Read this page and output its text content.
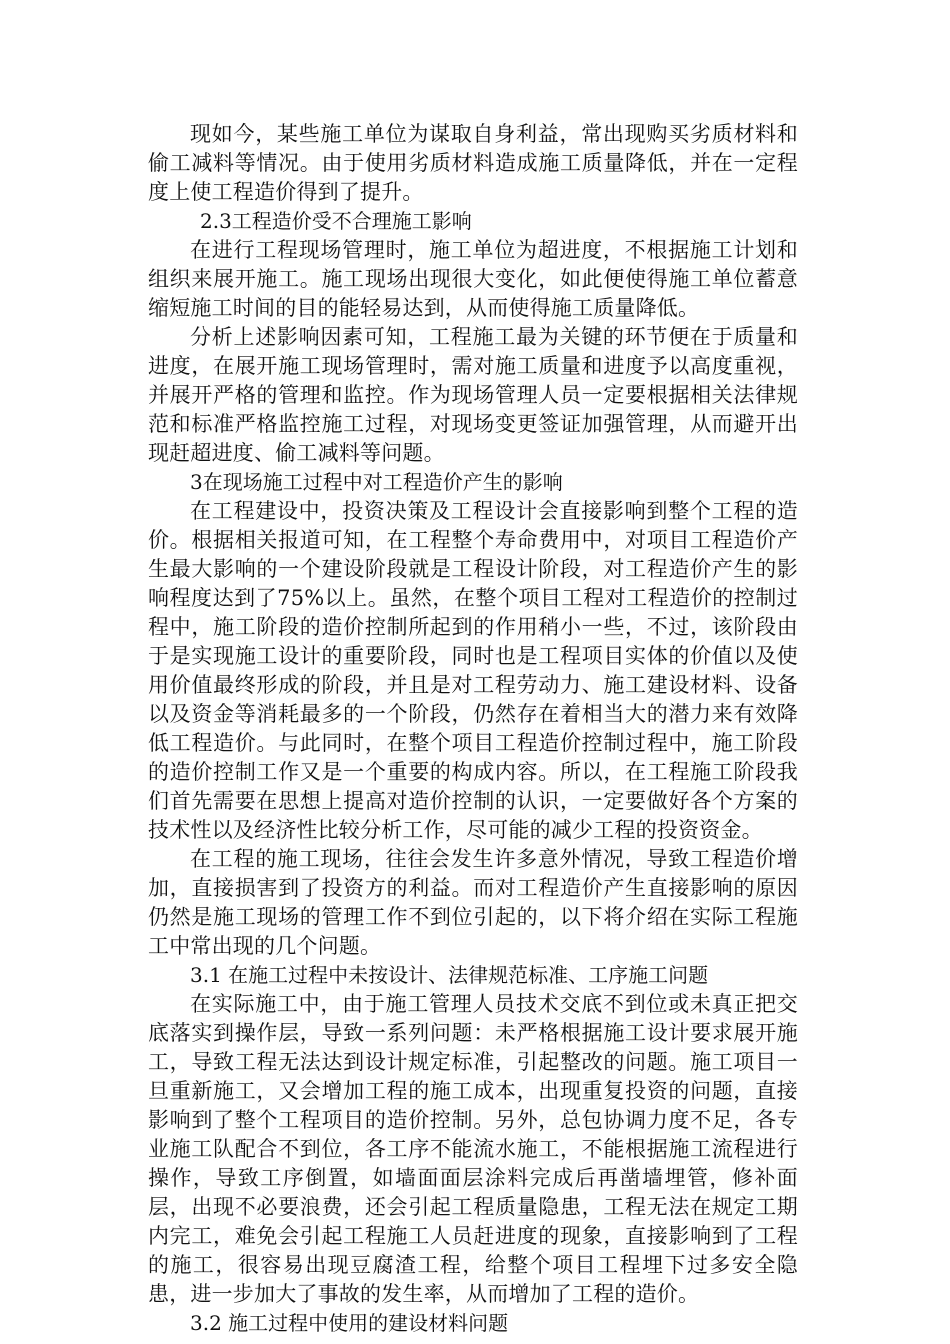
现如今，某些施工单位为谋取自身利益，常出现购买劣质材料和偷工减料等情况。由于使用劣质材料造成施工质量降低，并在一定程度上使工程造价得到了提升。

2.3工程造价受不合理施工影响

在进行工程现场管理时，施工单位为超进度，不根据施工计划和组织来展开施工。施工现场出现很大变化，如此便使得施工单位蓄意缩短施工时间的目的能轻易达到，从而使得施工质量降低。

分析上述影响因素可知，工程施工最为关键的环节便在于质量和进度，在展开施工现场管理时，需对施工质量和进度予以高度重视，并展开严格的管理和监控。作为现场管理人员一定要根据相关法律规范和标准严格监控施工过程，对现场变更签证加强管理，从而避开出现赶超进度、偷工减料等问题。

3在现场施工过程中对工程造价产生的影响

在工程建设中，投资决策及工程设计会直接影响到整个工程的造价。根据相关报道可知，在工程整个寿命费用中，对项目工程造价产生最大影响的一个建设阶段就是工程设计阶段，对工程造价产生的影响程度达到了75%以上。虽然，在整个项目工程对工程造价的控制过程中，施工阶段的造价控制所起到的作用稍小一些，不过，该阶段由于是实现施工设计的重要阶段，同时也是工程项目实体的价值以及使用价值最终形成的阶段，并且是对工程劳动力、施工建设材料、设备以及资金等消耗最多的一个阶段，仍然存在着相当大的潜力来有效降低工程造价。与此同时，在整个项目工程造价控制过程中，施工阶段的造价控制工作又是一个重要的构成内容。所以，在工程施工阶段我们首先需要在思想上提高对造价控制的认识，一定要做好各个方案的技术性以及经济性比较分析工作，尽可能的减少工程的投资资金。

在工程的施工现场，往往会发生许多意外情况，导致工程造价增加，直接损害到了投资方的利益。而对工程造价产生直接影响的原因仍然是施工现场的管理工作不到位引起的，以下将介绍在实际工程施工中常出现的几个问题。

3.1 在施工过程中未按设计、法律规范标准、工序施工问题

在实际施工中，由于施工管理人员技术交底不到位或未真正把交底落实到操作层，导致一系列问题：未严格根据施工设计要求展开施工，导致工程无法达到设计规定标准，引起整改的问题。施工项目一旦重新施工，又会增加工程的施工成本，出现重复投资的问题，直接影响到了整个工程项目的造价控制。另外，总包协调力度不足，各专业施工队配合不到位，各工序不能流水施工，不能根据施工流程进行操作，导致工序倒置，如墙面面层涂料完成后再凿墙埋管，修补面层，出现不必要浪费，还会引起工程质量隐患，工程无法在规定工期内完工，难免会引起工程施工人员赶进度的现象，直接影响到了工程的施工，很容易出现豆腐渣工程，给整个项目工程埋下过多安全隐患，进一步加大了事故的发生率，从而增加了工程的造价。

3.2 施工过程中使用的建设材料问题
